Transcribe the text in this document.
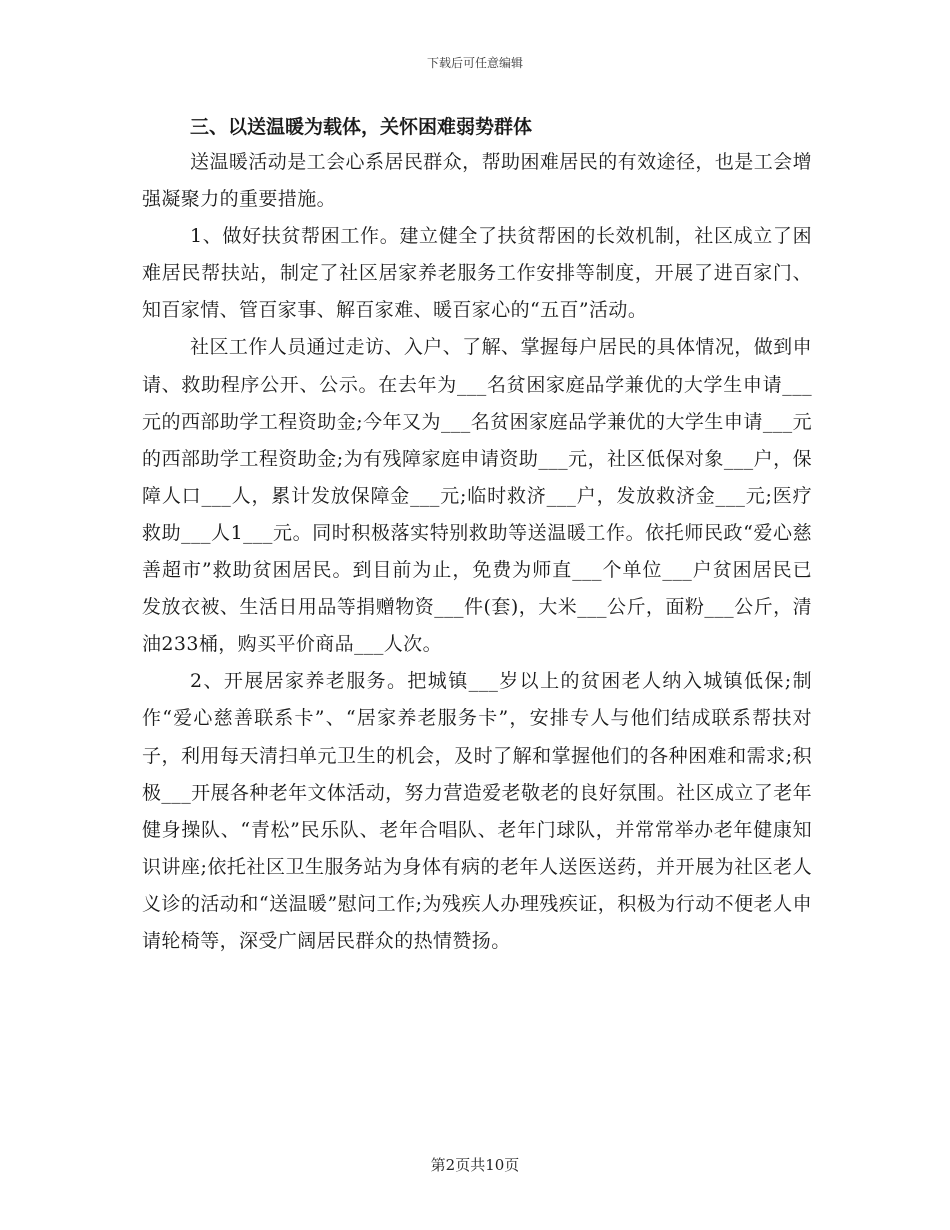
下载后可任意编辑
三、以送温暖为载体，关怀困难弱势群体

送温暖活动是工会心系居民群众，帮助困难居民的有效途径，也是工会增强凝聚力的重要措施。

1、做好扶贫帮困工作。建立健全了扶贫帮困的长效机制，社区成立了困难居民帮扶站，制定了社区居家养老服务工作安排等制度，开展了进百家门、知百家情、管百家事、解百家难、暖百家心的“五百”活动。

社区工作人员通过走访、入户、了解、掌握每户居民的具体情况，做到申请、救助程序公开、公示。在去年为___名贫困家庭品学兼优的大学生申请___元的西部助学工程资助金;今年又为___名贫困家庭品学兼优的大学生申请___元的西部助学工程资助金;为有残障家庭申请资助___元，社区低保对象___户，保障人口___人，累计发放保障金___元;临时救济___户，发放救济金___元;医疗救助___人1___元。同时积极落实特别救助等送温暖工作。依托师民政“爱心慈善超市”救助贫困居民。到目前为止，免费为师直___个单位___户贫困居民已发放衣被、生活日用品等捐赠物资___件(套)，大米___公斤，面粉___公斤，清油233桶，购买平价商品___人次。

2、开展居家养老服务。把城镇___岁以上的贫困老人纳入城镇低保;制作“爱心慈善联系卡”、“居家养老服务卡”，安排专人与他们结成联系帮扶对子，利用每天清扫单元卫生的机会，及时了解和掌握他们的各种困难和需求;积极___开展各种老年文体活动，努力营造爱老敬老的良好氛围。社区成立了老年健身操队、“青松”民乐队、老年合唱队、老年门球队，并常常举办老年健康知识讲座;依托社区卫生服务站为身体有病的老年人送医送药，并开展为社区老人义诊的活动和“送温暖”慰问工作;为残疾人办理残疾证，积极为行动不便老人申请轮椅等，深受广阔居民群众的热情赞扬。

第2页共10页
